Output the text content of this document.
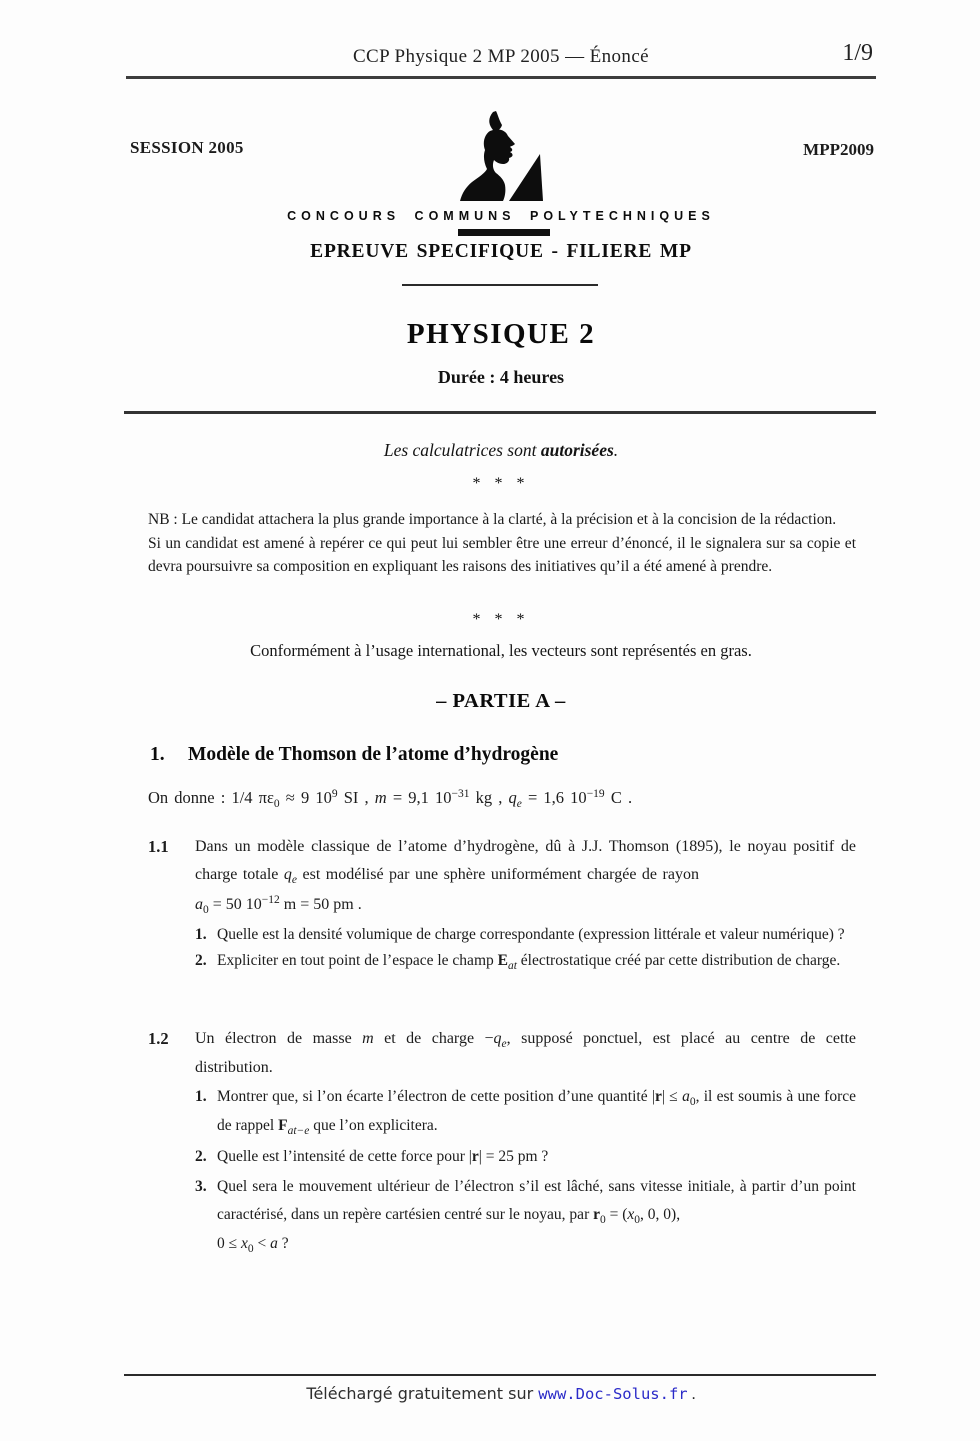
CCP Physique 2 MP 2005 — Énoncé	1/9
SESSION 2005	MPP2009
CONCOURS COMMUNS POLYTECHNIQUES
EPREUVE SPECIFIQUE - FILIERE MP
PHYSIQUE 2
Durée : 4 heures
Les calculatrices sont autorisées.
* * *

NB : Le candidat attachera la plus grande importance à la clarté, à la précision et à la concision de la rédaction.

Si un candidat est amené à repérer ce qui peut lui sembler être une erreur d’énoncé, il le signalera sur sa copie et devra poursuivre sa composition en expliquant les raisons des initiatives qu’il a été amené à prendre.

* * *
Conformément à l’usage international, les vecteurs sont représentés en gras.
– PARTIE A –
1.	Modèle de Thomson de l’atome d’hydrogène
On donne : 1/4 $\pi\varepsilon_0 \approx 9$ $10^9$ SI , m = 9,1 $10^{-31}$ kg , $q_e = 1,6$ $10^{-19}$ C .
1.1	Dans un modèle classique de l’atome d’hydrogène, dû à J.J. Thomson (1895), le noyau positif de charge totale $q_e$ est modélisé par une sphère uniformément chargée de rayon
$a_0 = 50$ $10^{-12}$ m = 50 pm .
1. Quelle est la densité volumique de charge correspondante (expression littérale et valeur numérique) ?
2. Expliciter en tout point de l’espace le champ $E_{at}$ électrostatique créé par cette distribution de charge.
1.2	Un électron de masse m et de charge $-q_e$, supposé ponctuel, est placé au centre de cette distribution.
1. Montrer que, si l’on écarte l’électron de cette position d’une quantité $|r| \le a_0$, il est soumis à une force de rappel $F_{at-e}$ que l’on explicitera.
2. Quelle est l’intensité de cette force pour |r| = 25 pm ?
3. Quel sera le mouvement ultérieur de l’électron s’il est lâché, sans vitesse initiale, à partir d’un point caractérisé, dans un repère cartésien centré sur le noyau, par $r_0 = (x_0$, 0, 0),
$0 \le x_0 < a$ ?
Téléchargé gratuitement sur www.Doc-Solus.fr .
